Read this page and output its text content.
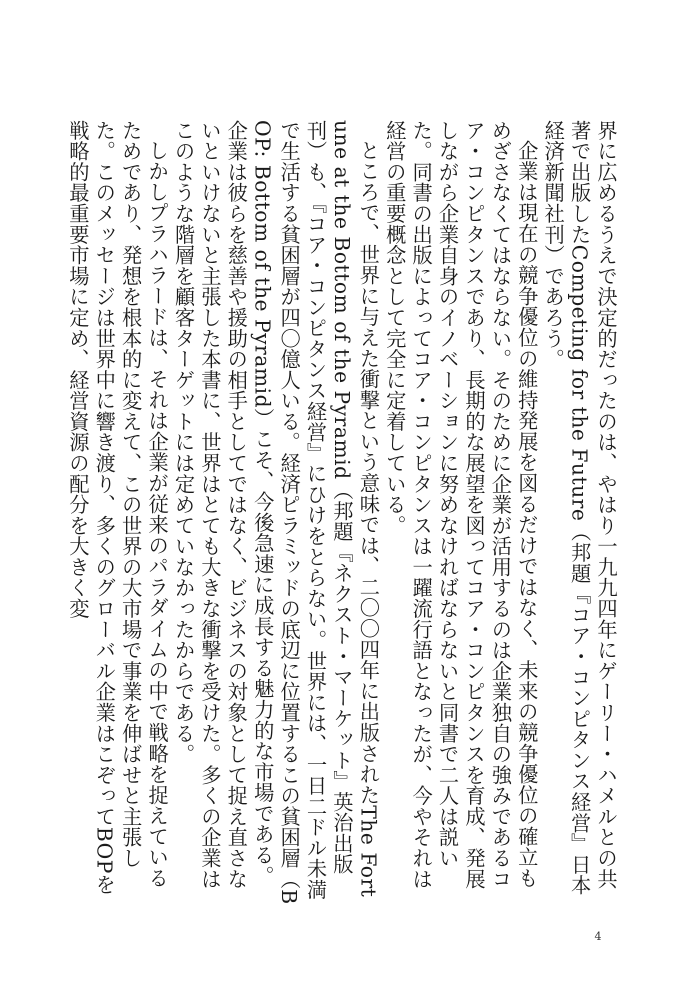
界に広めるうえで決定的だったのは、やはり一九九四年にゲーリー・ハメルとの共著で出版したCompeting for the Future（邦題『コア・コンピタンス経営』日本経済新聞社刊）であろう。

企業は現在の競争優位の維持発展を図るだけではなく、未来の競争優位の確立もめざさなくてはならない。そのために企業が活用するのは企業独自の強みであるコア・コンピタンスであり、長期的な展望を図ってコア・コンピタンスを育成、発展しながら企業自身のイノベーションに努めなければならないと同書で二人は説いた。同書の出版によってコア・コンピタンスは一躍流行語となったが、今やそれは経営の重要概念として完全に定着している。

ところで、世界に与えた衝撃という意味では、二〇〇四年に出版されたThe Fortune at the Bottom of the Pyramid（邦題『ネクスト・マーケット』英治出版刊）も、『コア・コンピタンス経営』にひけをとらない。世界には、一日二ドル未満で生活する貧困層が四〇億人いる。経済ピラミッドの底辺に位置するこの貧困層（BOP: Bottom of the Pyramid）こそ、今後急速に成長する魅力的な市場である。企業は彼らを慈善や援助の相手としてではなく、ビジネスの対象として捉え直さないといけないと主張した本書に、世界はとても大きな衝撃を受けた。多くの企業はこのような階層を顧客ターゲットには定めていなかったからである。

しかしプラハラードは、それは企業が従来のパラダイムの中で戦略を捉えているためであり、発想を根本的に変えて、この世界の大市場で事業を伸ばせと主張した。このメッセージは世界中に響き渡り、多くのグローバル企業はこぞってBOPを戦略的最重要市場に定め、経営資源の配分を大きく変

4
